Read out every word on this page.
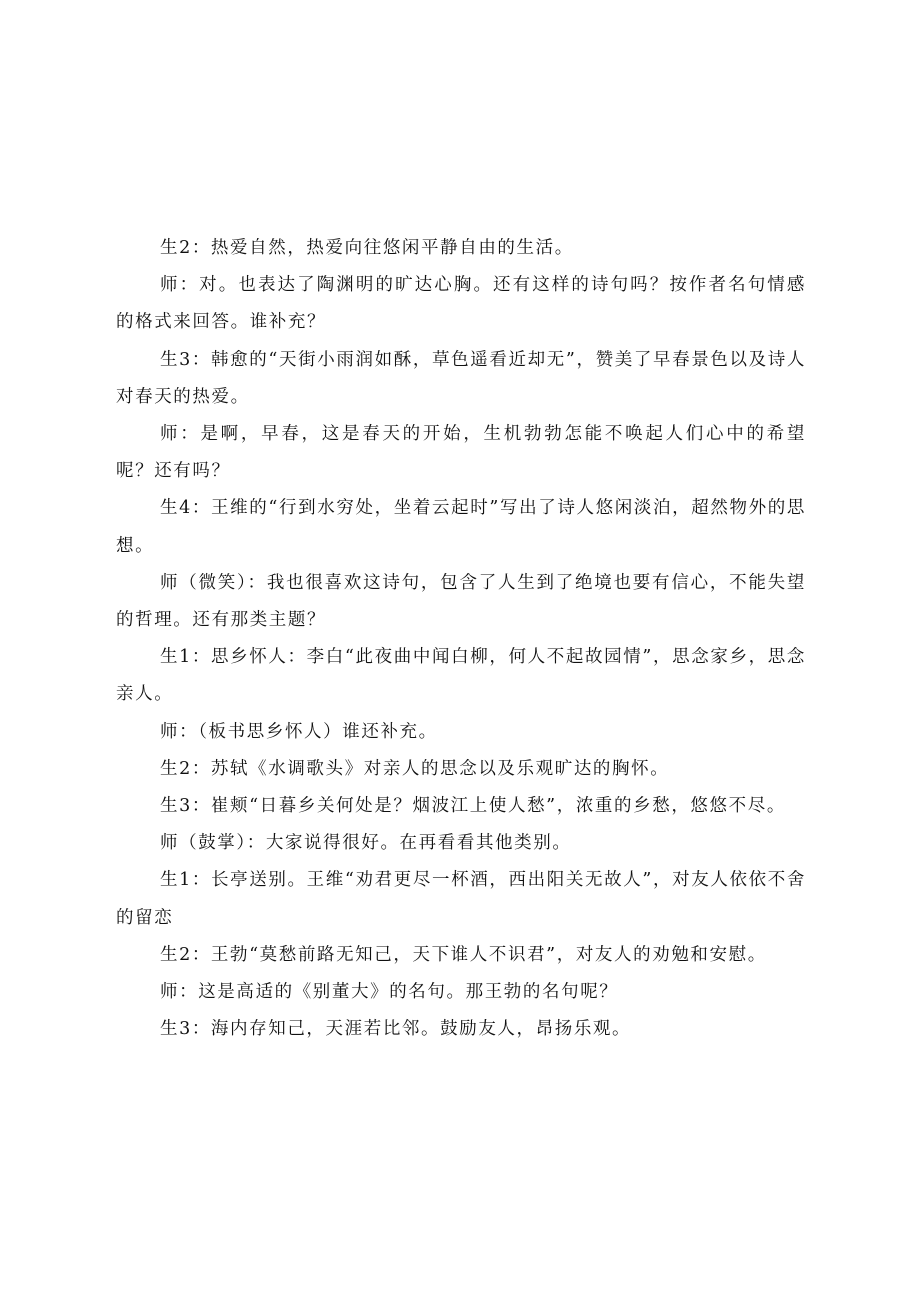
生2：热爱自然，热爱向往悠闲平静自由的生活。

师：对。也表达了陶渊明的旷达心胸。还有这样的诗句吗？按作者名句情感的格式来回答。谁补充？

生3：韩愈的“天街小雨润如酥，草色遥看近却无”，赞美了早春景色以及诗人对春天的热爱。

师：是啊，早春，这是春天的开始，生机勃勃怎能不唤起人们心中的希望呢？还有吗？

生4：王维的“行到水穷处，坐着云起时”写出了诗人悠闲淡泊，超然物外的思想。

师（微笑）：我也很喜欢这诗句，包含了人生到了绝境也要有信心，不能失望的哲理。还有那类主题？

生1：思乡怀人：李白“此夜曲中闻白柳，何人不起故园情”，思念家乡，思念亲人。

师：（板书思乡怀人）谁还补充。

生2：苏轼《水调歌头》对亲人的思念以及乐观旷达的胸怀。

生3：崔颊“日暮乡关何处是？烟波江上使人愁”，浓重的乡愁，悠悠不尽。

师（鼓掌）：大家说得很好。在再看看其他类别。

生1：长亭送别。王维“劝君更尽一杯酒，西出阳关无故人”，对友人依依不舍的留恋

生2：王勃“莫愁前路无知己，天下谁人不识君”，对友人的劝勉和安慰。

师：这是高适的《别董大》的名句。那王勃的名句呢？

生3：海内存知己，天涯若比邻。鼓励友人，昂扬乐观。
